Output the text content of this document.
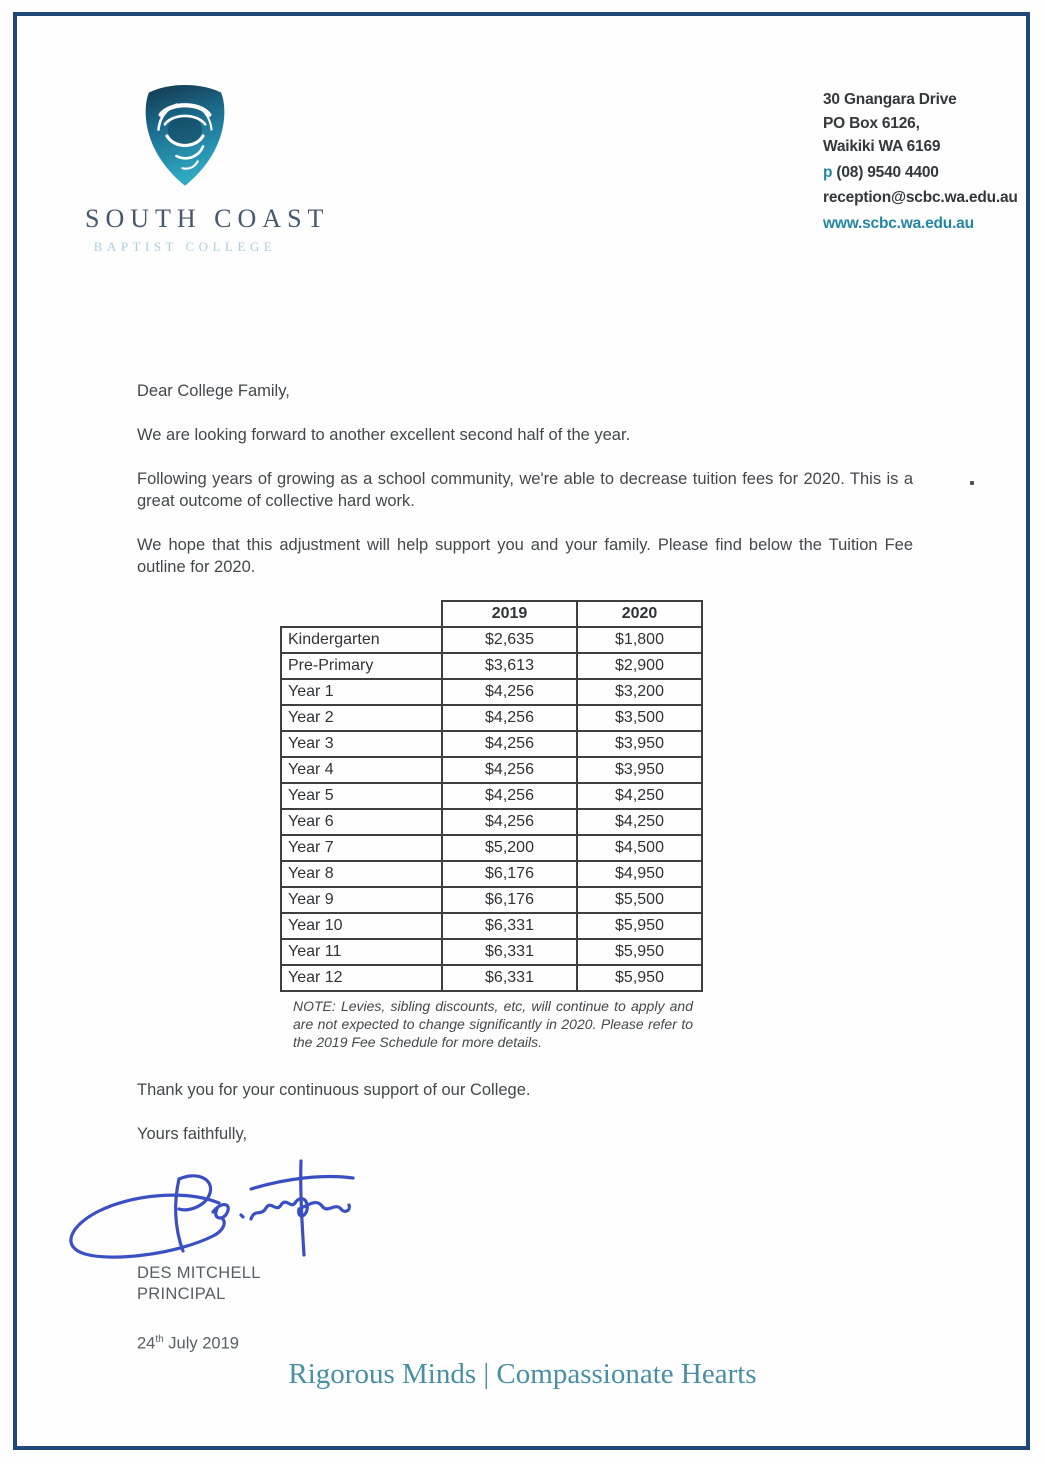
SOUTH COAST
BAPTIST COLLEGE
30 Gnangara Drive
PO Box 6126,
Waikiki WA 6169
p (08) 9540 4400
reception@scbc.wa.edu.au
www.scbc.wa.edu.au

Dear College Family,

We are looking forward to another excellent second half of the year.

Following years of growing as a school community, we're able to decrease tuition fees for 2020. This is a great outcome of collective hard work.

We hope that this adjustment will help support you and your family. Please find below the Tuition Fee outline for 2020.

	2019	2020
Kindergarten	$2,635	$1,800
Pre-Primary	$3,613	$2,900
Year 1	$4,256	$3,200
Year 2	$4,256	$3,500
Year 3	$4,256	$3,950
Year 4	$4,256	$3,950
Year 5	$4,256	$4,250
Year 6	$4,256	$4,250
Year 7	$5,200	$4,500
Year 8	$6,176	$4,950
Year 9	$6,176	$5,500
Year 10	$6,331	$5,950
Year 11	$6,331	$5,950
Year 12	$6,331	$5,950
NOTE: Levies, sibling discounts, etc, will continue to apply and are not expected to change significantly in 2020. Please refer to the 2019 Fee Schedule for more details.

Thank you for your continuous support of our College.

Yours faithfully,

DES MITCHELL
PRINCIPAL
24th July 2019
Rigorous Minds | Compassionate Hearts
